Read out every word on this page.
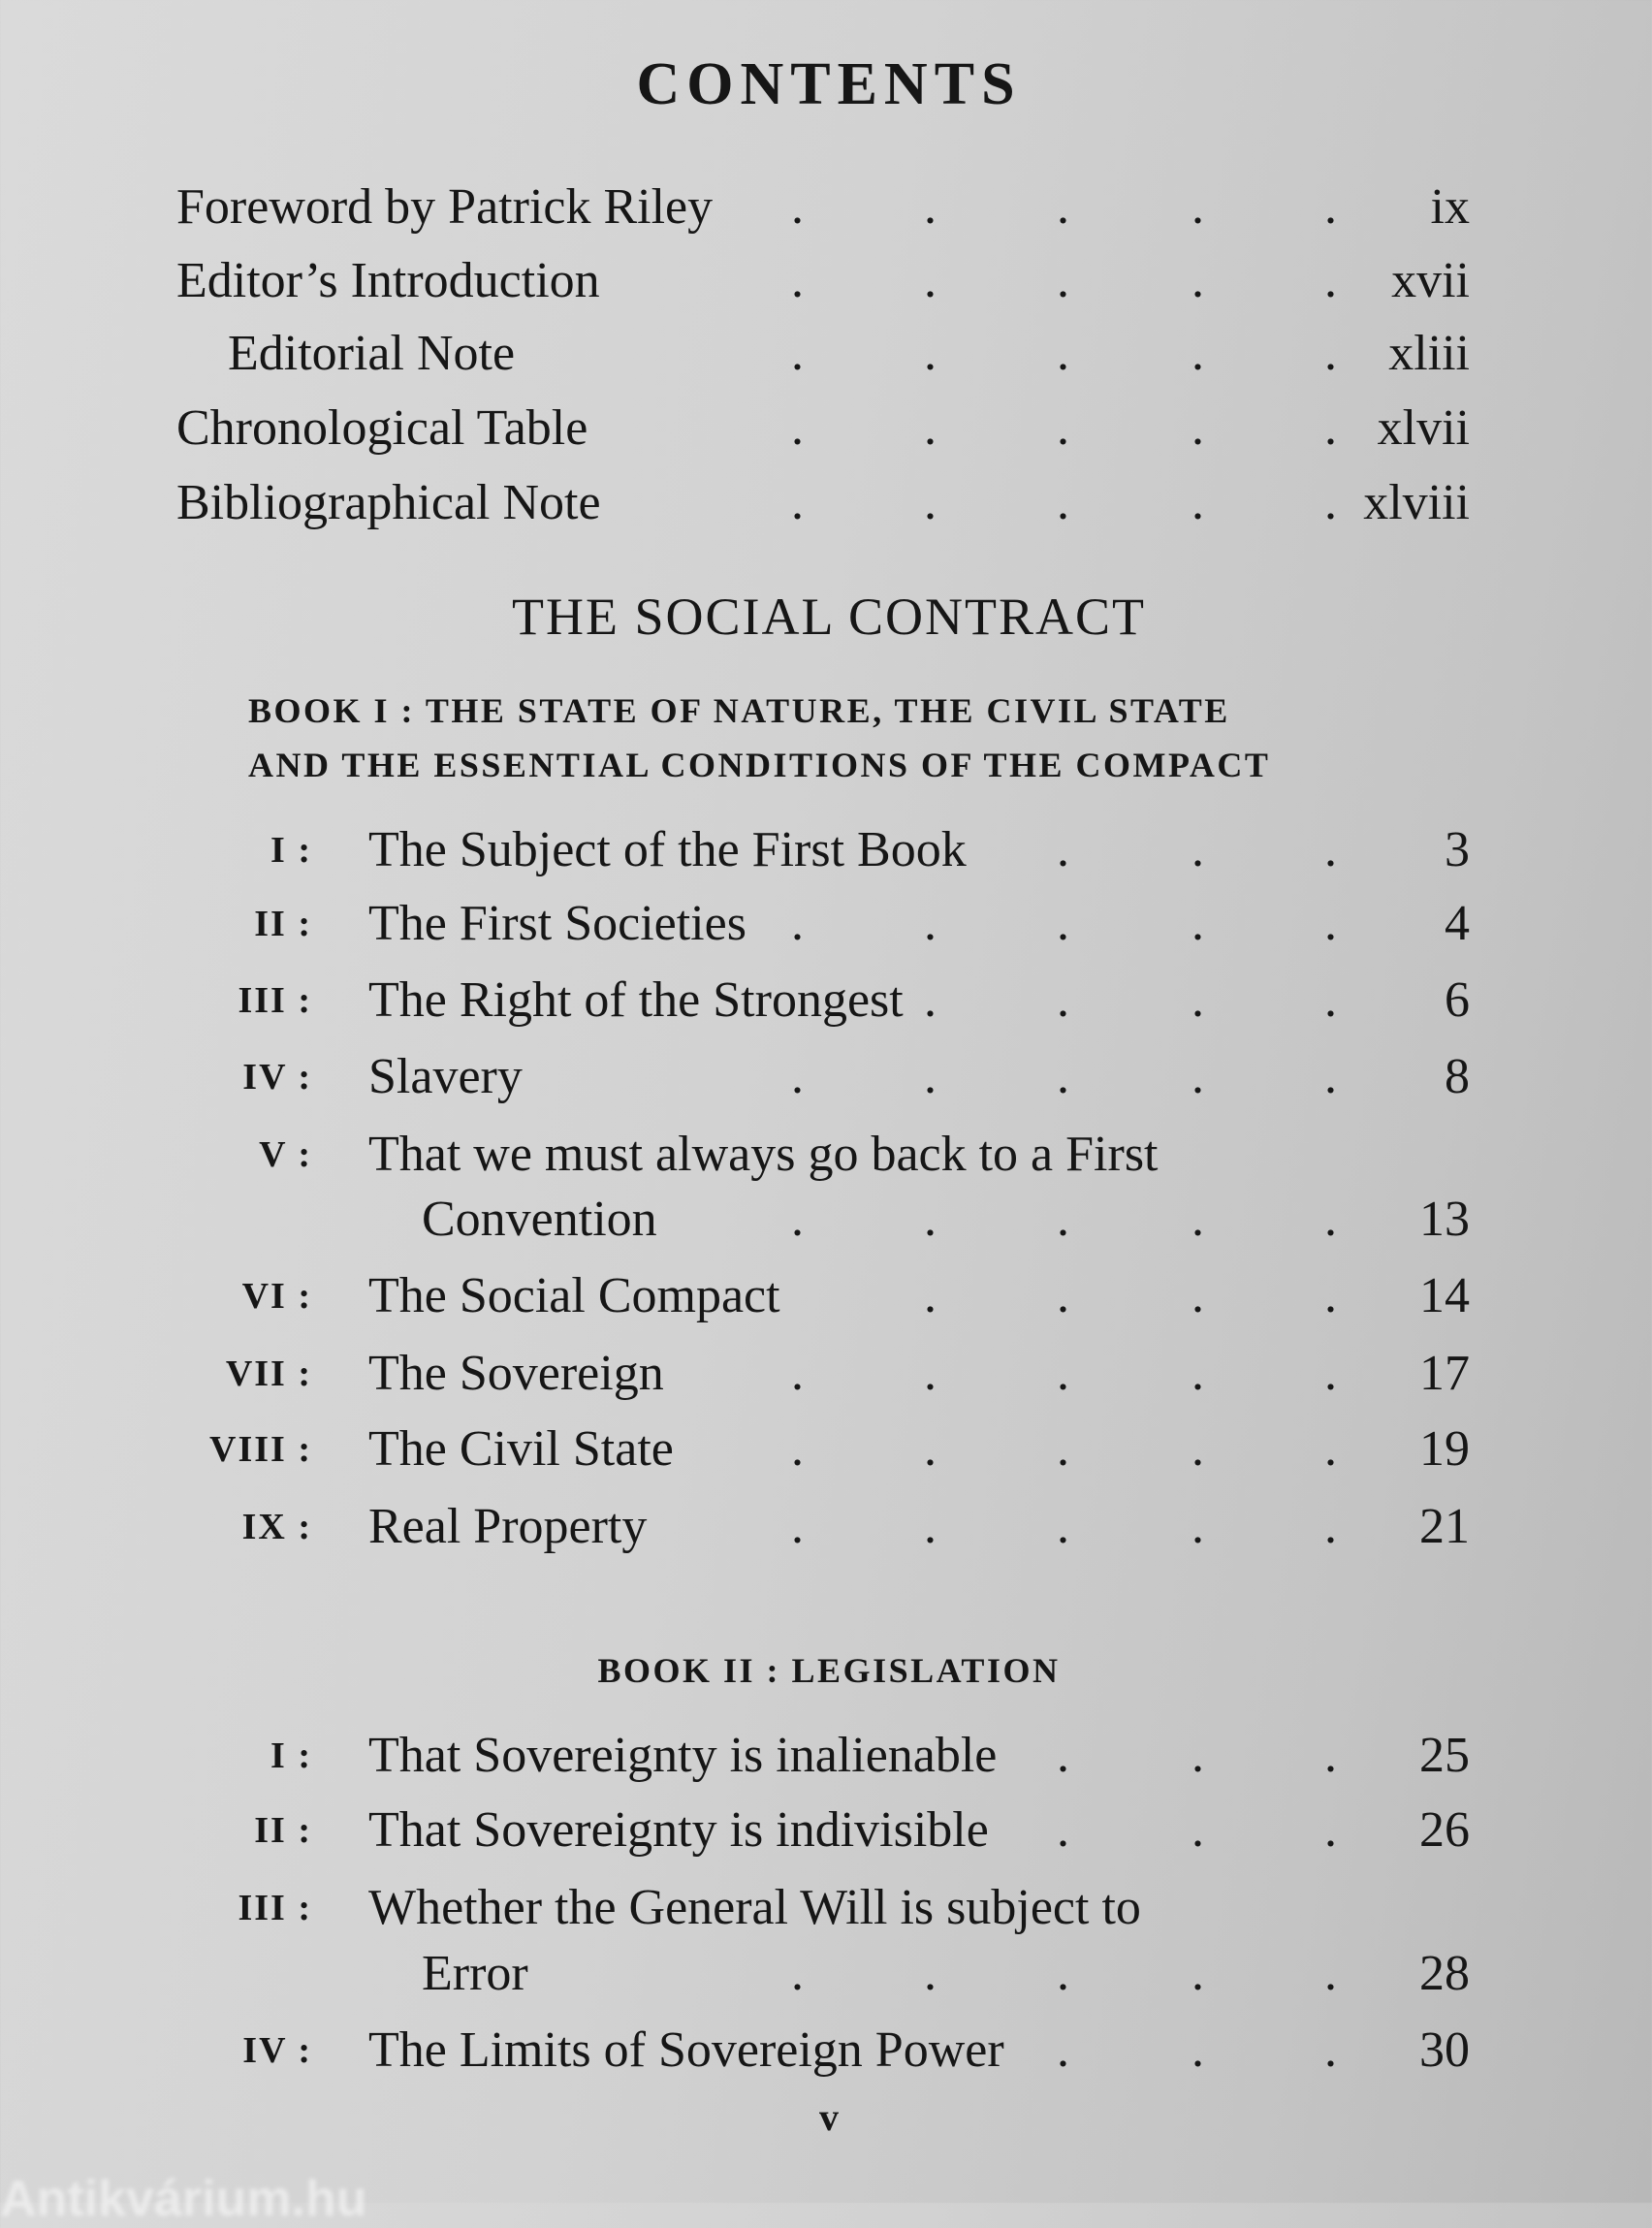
CONTENTS
Foreword by Patrick Riley . . . . . ix
Editor’s Introduction	. . . . . xvii
Editorial Note	. . . . . xliii
Chronological Table	. . . . . xlvii
Bibliographical Note	. . . . . xlviii
THE SOCIAL CONTRACT
BOOK I : THE STATE OF NATURE, THE CIVIL STATE
AND THE ESSENTIAL CONDITIONS OF THE COMPACT
I : The Subject of the First Book . . . 3
II : The First Societies . . . . . 4
III : The Right of the Strongest . . . . 6
IV : Slavery	. . . . . 8
V : That we must always go back to a First
Convention	. . . . . 13
VI : The Social Compact	. . . . 14
VII : The Sovereign	. . . . . 17
VIII : The Civil State . . . . . 19
IX : Real Property	. . . . . 21
BOOK II : LEGISLATION
I : That Sovereignty is inalienable . . . 25
II : That Sovereignty is indivisible . . . 26
III : Whether the General Will is subject to
Error	. . . . . 28
IV : The Limits of Sovereign Power . . . 30
v
Antikvárium.hu
